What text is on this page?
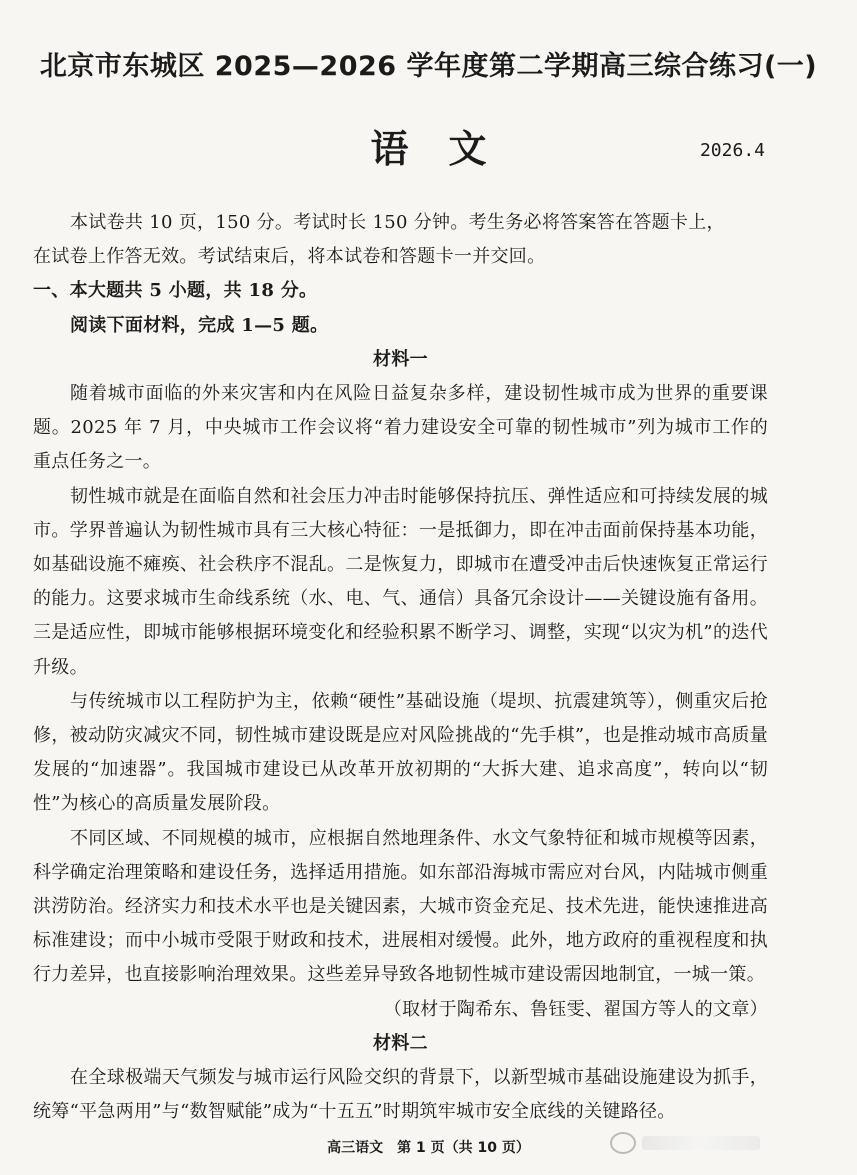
北京市东城区 2025—2026 学年度第二学期高三综合练习(一)
语文	2026.4

本试卷共 10 页，150 分。考试时长 150 分钟。考生务必将答案答在答题卡上，

在试卷上作答无效。考试结束后，将本试卷和答题卡一并交回。

一、本大题共 5 小题，共 18 分。

阅读下面材料，完成 1—5 题。

材料一

随着城市面临的外来灾害和内在风险日益复杂多样，建设韧性城市成为世界的重要课题。2025 年 7 月，中央城市工作会议将“着力建设安全可靠的韧性城市”列为城市工作的重点任务之一。

韧性城市就是在面临自然和社会压力冲击时能够保持抗压、弹性适应和可持续发展的城市。学界普遍认为韧性城市具有三大核心特征：一是抵御力，即在冲击面前保持基本功能，如基础设施不瘫痪、社会秩序不混乱。二是恢复力，即城市在遭受冲击后快速恢复正常运行的能力。这要求城市生命线系统（水、电、气、通信）具备冗余设计——关键设施有备用。三是适应性，即城市能够根据环境变化和经验积累不断学习、调整，实现“以灾为机”的迭代升级。

与传统城市以工程防护为主，依赖“硬性”基础设施（堤坝、抗震建筑等），侧重灾后抢修，被动防灾减灾不同，韧性城市建设既是应对风险挑战的“先手棋”，也是推动城市高质量发展的“加速器”。我国城市建设已从改革开放初期的“大拆大建、追求高度”，转向以“韧性”为核心的高质量发展阶段。

不同区域、不同规模的城市，应根据自然地理条件、水文气象特征和城市规模等因素，科学确定治理策略和建设任务，选择适用措施。如东部沿海城市需应对台风，内陆城市侧重洪涝防治。经济实力和技术水平也是关键因素，大城市资金充足、技术先进，能快速推进高标准建设；而中小城市受限于财政和技术，进展相对缓慢。此外，地方政府的重视程度和执行力差异，也直接影响治理效果。这些差异导致各地韧性城市建设需因地制宜，一城一策。

（取材于陶希东、鲁钰雯、翟国方等人的文章）

材料二

在全球极端天气频发与城市运行风险交织的背景下，以新型城市基础设施建设为抓手，统筹“平急两用”与“数智赋能”成为“十五五”时期筑牢城市安全底线的关键路径。

高三语文　第 1 页（共 10 页）
